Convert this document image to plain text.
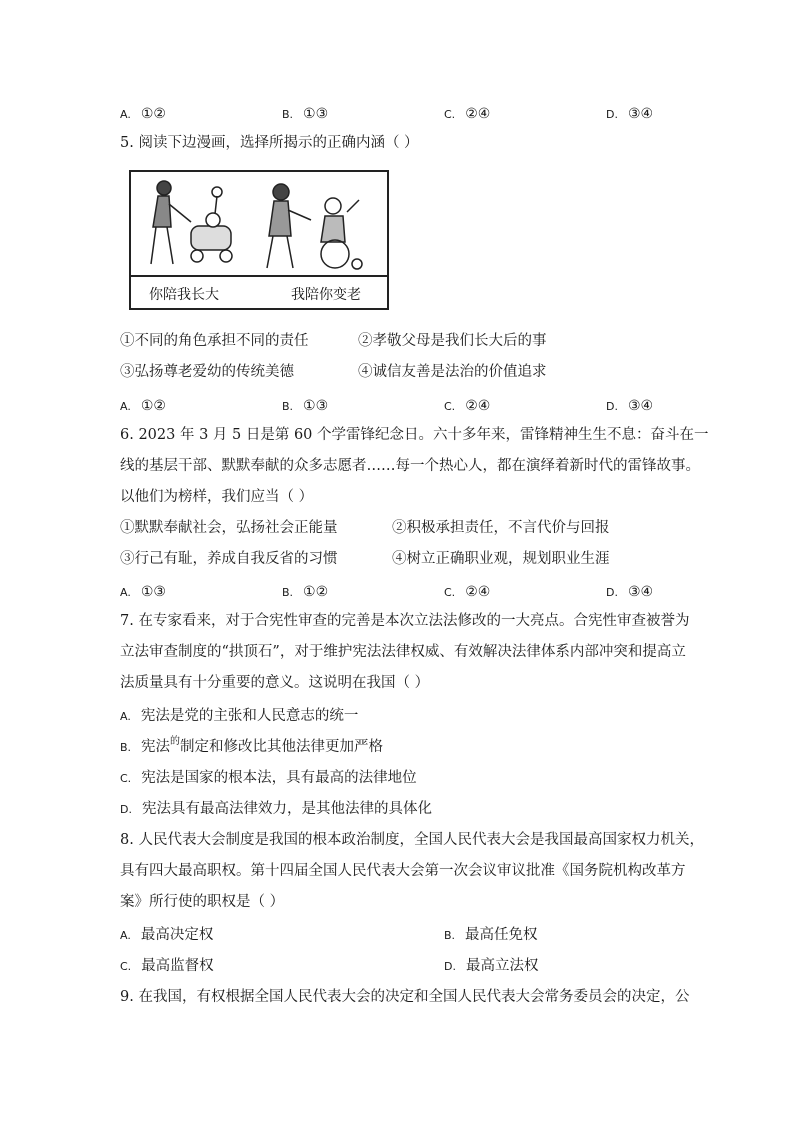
A. ①②	B. ①③	C. ②④	D. ③④
5. 阅读下边漫画，选择所揭示的正确内涵（ ）
你陪我长大	我陪你变老
①不同的角色承担不同的责任	②孝敬父母是我们长大后的事
③弘扬尊老爱幼的传统美德	④诚信友善是法治的价值追求
A. ①②	B. ①③	C. ②④	D. ③④
6. 2023 年 3 月 5 日是第 60 个学雷锋纪念日。六十多年来，雷锋精神生生不息：奋斗在一
线的基层干部、默默奉献的众多志愿者……每一个热心人，都在演绎着新时代的雷锋故事。
以他们为榜样，我们应当（ ）
①默默奉献社会，弘扬社会正能量	②积极承担责任，不言代价与回报
③行己有耻，养成自我反省的习惯	④树立正确职业观，规划职业生涯
A. ①③	B. ①②	C. ②④	D. ③④
7. 在专家看来，对于合宪性审查的完善是本次立法法修改的一大亮点。合宪性审查被誉为
立法审查制度的“拱顶石”，对于维护宪法法律权威、有效解决法律体系内部冲突和提高立
法质量具有十分重要的意义。这说明在我国（ ）
A. 宪法是党的主张和人民意志的统一
B. 宪法$^的$制定和修改比其他法律更加严格
C. 宪法是国家的根本法，具有最高的法律地位
D. 宪法具有最高法律效力，是其他法律的具体化
8. 人民代表大会制度是我国的根本政治制度，全国人民代表大会是我国最高国家权力机关，
具有四大最高职权。第十四届全国人民代表大会第一次会议审议批准《国务院机构改革方
案》所行使的职权是（ ）
A. 最高决定权	B. 最高任免权
C. 最高监督权	D. 最高立法权
9. 在我国，有权根据全国人民代表大会的决定和全国人民代表大会常务委员会的决定，公
